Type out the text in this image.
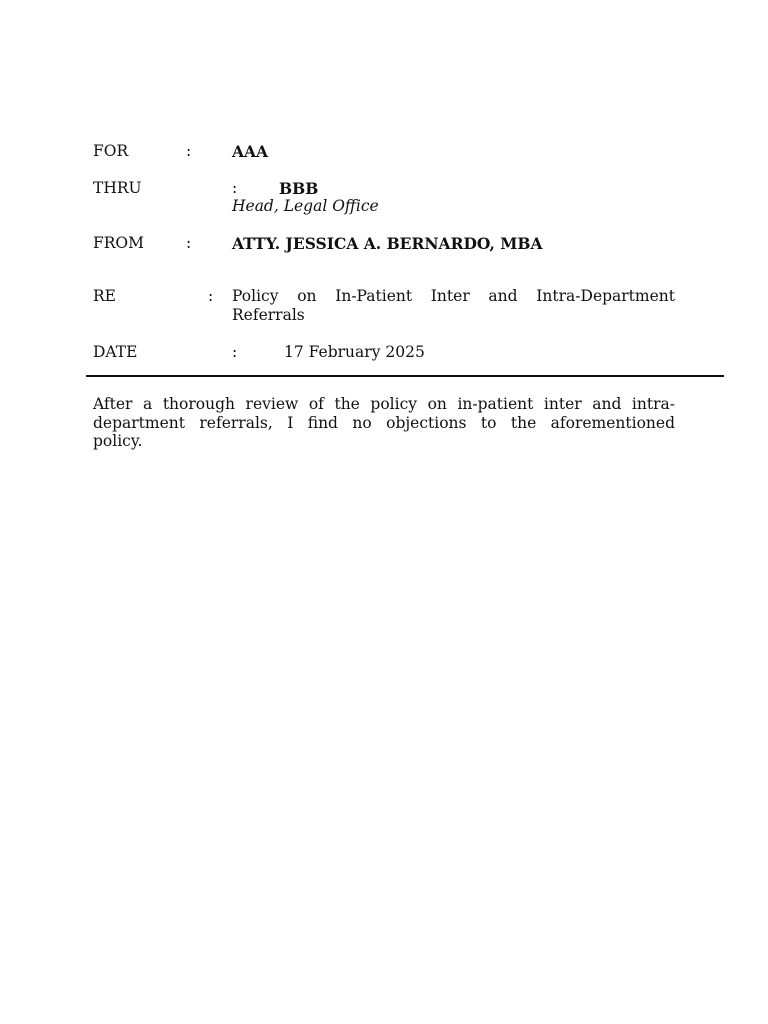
FOR	:	AAA
THRU	:	BBB
Head, Legal Office
FROM	:	ATTY. JESSICA A. BERNARDO, MBA
RE	: Policy on In-Patient Inter and Intra-Department
Referrals
DATE	:	17 February 2025
After a thorough review of the policy on in-patient inter and intra-
department referrals, I find no objections to the aforementioned
policy.
